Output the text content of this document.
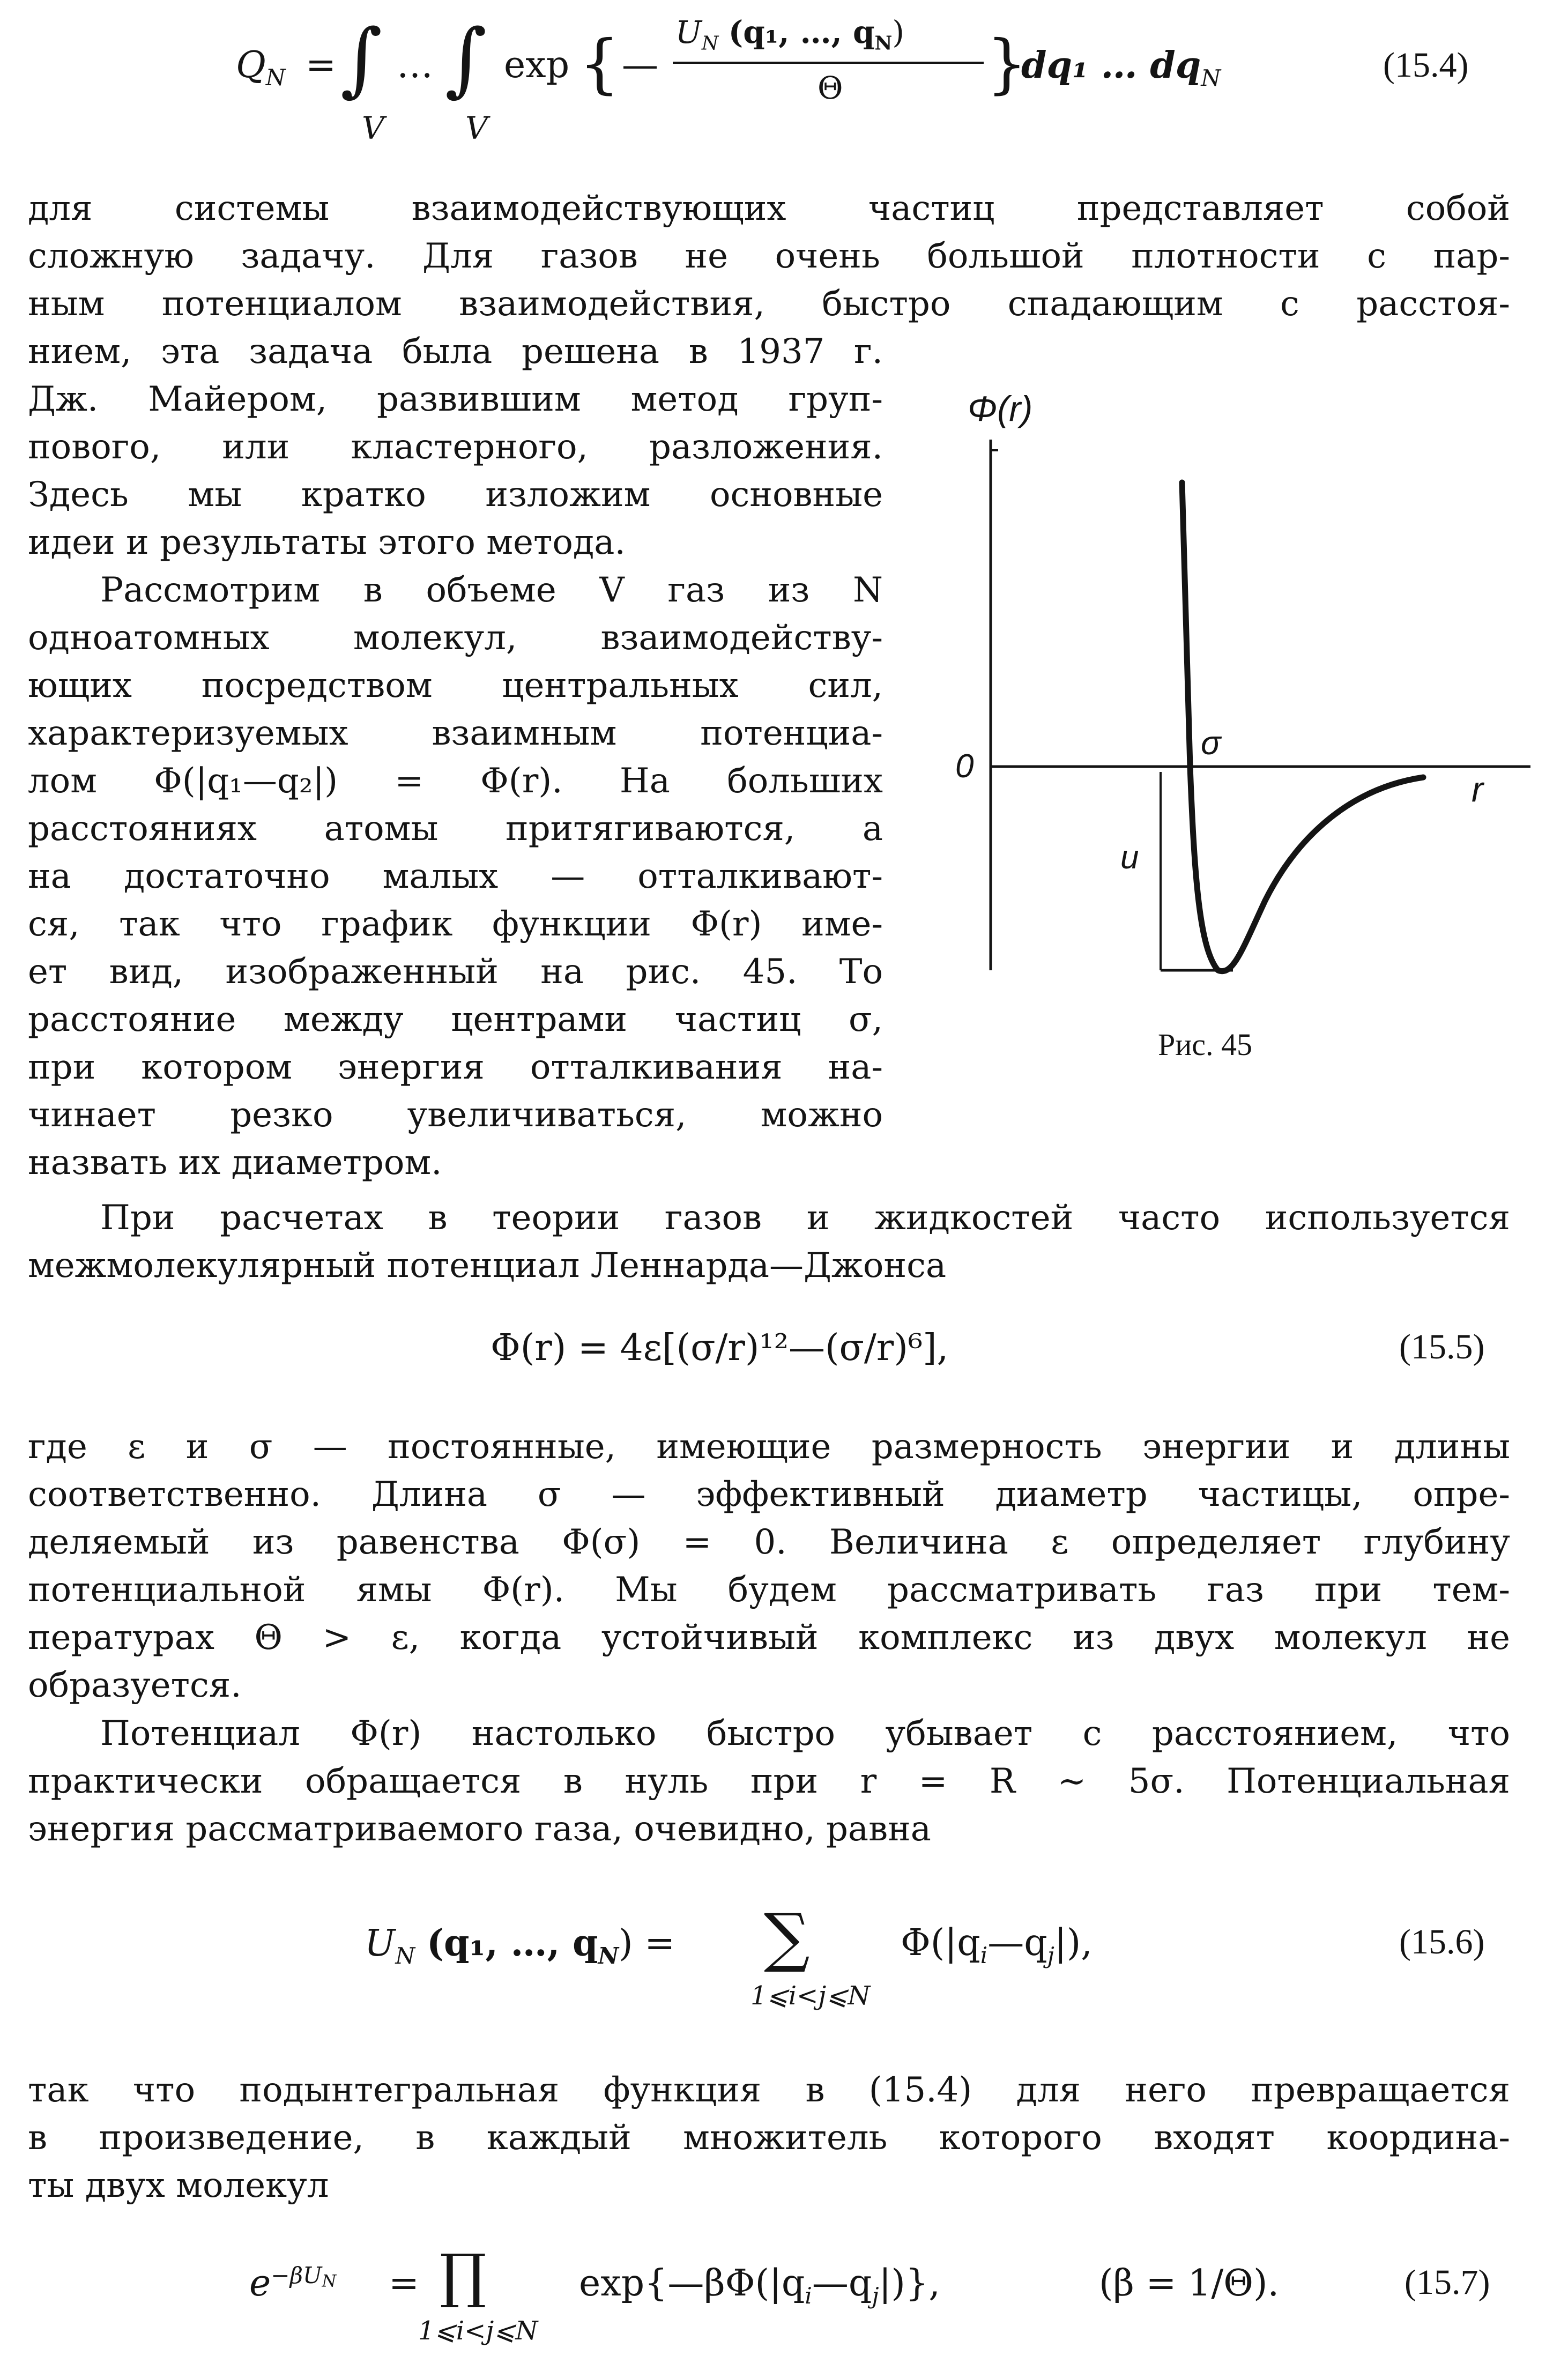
$Q_N$ = ∫ … ∫
V	V
exp { —
$U_N$ (q₁, …, $q_N$)
Θ }
dq₁ … $dq_N$	(15.4)
для системы взаимодействующих частиц представляет собой
сложную задачу. Для газов не очень большой плотности с пар-
ным потенциалом взаимодействия, быстро спадающим с расстоя-
нием, эта задача была решена в 1937 г.
Дж. Майером, развившим метод груп-
пового, или кластерного, разложения.
Здесь мы кратко изложим основные
идеи и результаты этого метода.
Рассмотрим в объеме V газ из N
одноатомных молекул, взаимодейству-
ющих посредством центральных сил,
характеризуемых взаимным потенциа-
лом Φ(|q₁—q₂|) = Φ(r). На больших
расстояниях атомы притягиваются, а
на достаточно малых — отталкивают-
ся, так что график функции Φ(r) име-
ет вид, изображенный на рис. 45. То
расстояние между центрами частиц σ,
при котором энергия отталкивания на-
чинает резко увеличиваться, можно
назвать их диаметром.
Φ(r)
0
σ
r
u
Рис. 45
При расчетах в теории газов и жидкостей часто используется
межмолекулярный потенциал Леннарда—Джонса
Φ(r) = 4ε[(σ/r)¹²—(σ/r)⁶],	(15.5)
где ε и σ — постоянные, имеющие размерность энергии и длины
соответственно. Длина σ — эффективный диаметр частицы, опре-
деляемый из равенства Φ(σ) = 0. Величина ε определяет глубину
потенциальной ямы Φ(r). Мы будем рассматривать газ при тем-
пературах Θ > ε, когда устойчивый комплекс из двух молекул не
образуется.
Потенциал Φ(r) настолько быстро убывает с расстоянием, что
практически обращается в нуль при r = R ∼ 5σ. Потенциальная
энергия рассматриваемого газа, очевидно, равна
$U_N$ (q₁, …, $q_N$) = ∑
1⩽i<j⩽N
$\Phi(|q_i—q_j|)$,	(15.6)
так что подынтегральная функция в (15.4) для него превращается
в произведение, в каждый множитель которого входят координа-
ты двух молекул
$e^{-\beta UN}$ = ∏
1⩽i<j⩽N
$\exp\{—\beta\Phi(|q_i—q_j|)\}$,	(β = 1/Θ).	(15.7)
